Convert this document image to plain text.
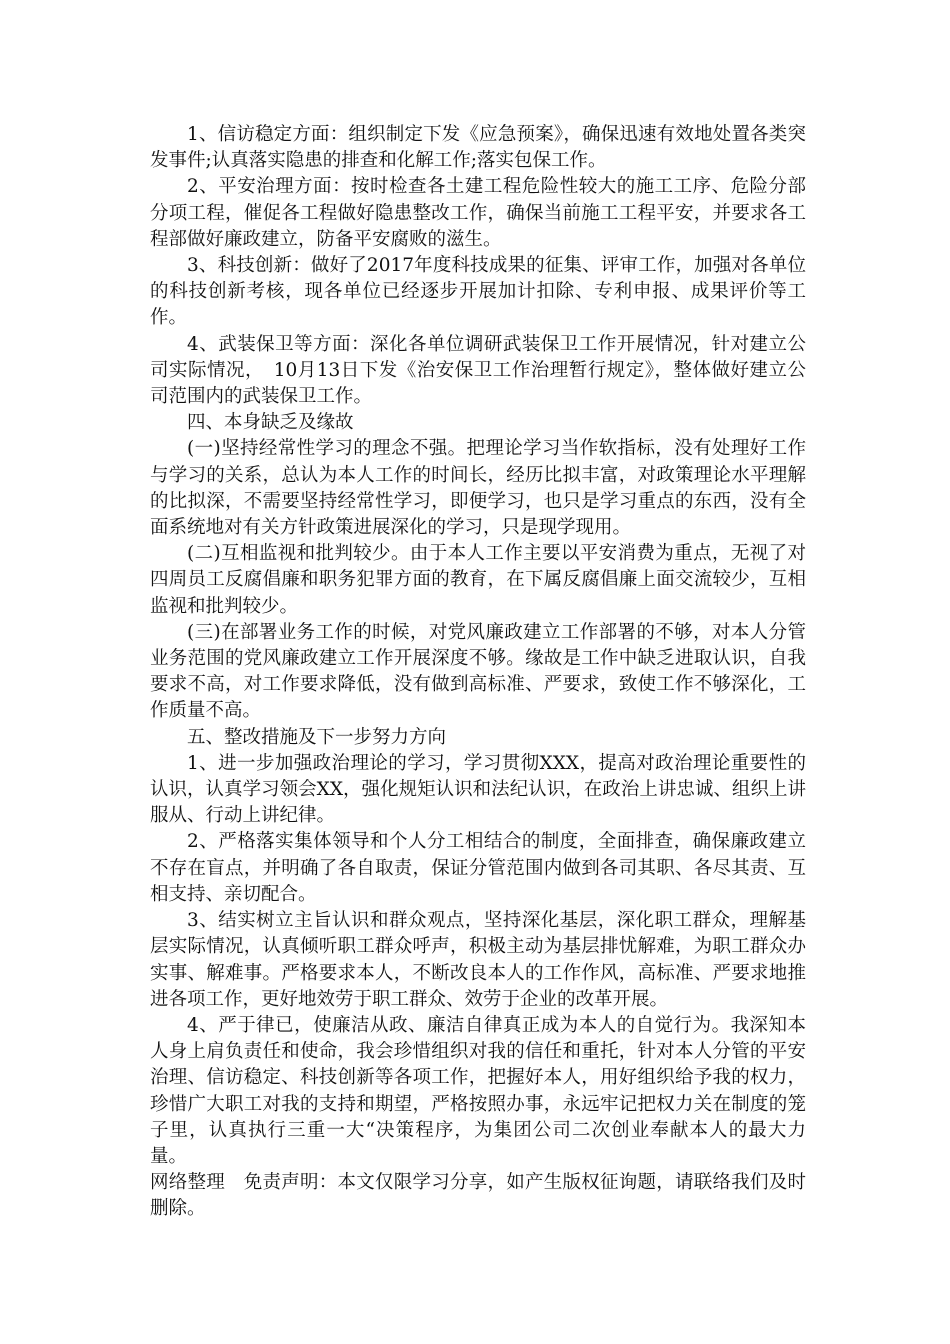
1、信访稳定方面：组织制定下发《应急预案》，确保迅速有效地处置各类突发事件;认真落实隐患的排查和化解工作;落实包保工作。

2、平安治理方面：按时检查各土建工程危险性较大的施工工序、危险分部分项工程，催促各工程做好隐患整改工作，确保当前施工工程平安，并要求各工程部做好廉政建立，防备平安腐败的滋生。

3、科技创新：做好了2017年度科技成果的征集、评审工作，加强对各单位的科技创新考核，现各单位已经逐步开展加计扣除、专利申报、成果评价等工作。

4、武装保卫等方面：深化各单位调研武装保卫工作开展情况，针对建立公司实际情况，　10月13日下发《治安保卫工作治理暂行规定》，整体做好建立公司范围内的武装保卫工作。

四、本身缺乏及缘故

(一)坚持经常性学习的理念不强。把理论学习当作软指标，没有处理好工作与学习的关系，总认为本人工作的时间长，经历比拟丰富，对政策理论水平理解的比拟深，不需要坚持经常性学习，即便学习，也只是学习重点的东西，没有全面系统地对有关方针政策进展深化的学习，只是现学现用。

(二)互相监视和批判较少。由于本人工作主要以平安消费为重点，无视了对四周员工反腐倡廉和职务犯罪方面的教育，在下属反腐倡廉上面交流较少，互相监视和批判较少。

(三)在部署业务工作的时候，对党风廉政建立工作部署的不够，对本人分管业务范围的党风廉政建立工作开展深度不够。缘故是工作中缺乏进取认识，自我要求不高，对工作要求降低，没有做到高标准、严要求，致使工作不够深化，工作质量不高。

五、整改措施及下一步努力方向

1、进一步加强政治理论的学习，学习贯彻XXX，提高对政治理论重要性的认识，认真学习领会XX，强化规矩认识和法纪认识，在政治上讲忠诚、组织上讲服从、行动上讲纪律。

2、严格落实集体领导和个人分工相结合的制度，全面排查，确保廉政建立不存在盲点，并明确了各自取责，保证分管范围内做到各司其职、各尽其责、互相支持、亲切配合。

3、结实树立主旨认识和群众观点，坚持深化基层，深化职工群众，理解基层实际情况，认真倾听职工群众呼声，积极主动为基层排忧解难，为职工群众办实事、解难事。严格要求本人，不断改良本人的工作作风，高标准、严要求地推进各项工作，更好地效劳于职工群众、效劳于企业的改革开展。

4、严于律已，使廉洁从政、廉洁自律真正成为本人的自觉行为。我深知本人身上肩负责任和使命，我会珍惜组织对我的信任和重托，针对本人分管的平安治理、信访稳定、科技创新等各项工作，把握好本人，用好组织给予我的权力，珍惜广大职工对我的支持和期望，严格按照办事，永远牢记把权力关在制度的笼子里，认真执行三重一大“决策程序，为集团公司二次创业奉献本人的最大力量。

网络整理　免责声明：本文仅限学习分享，如产生版权征询题，请联络我们及时删除。
